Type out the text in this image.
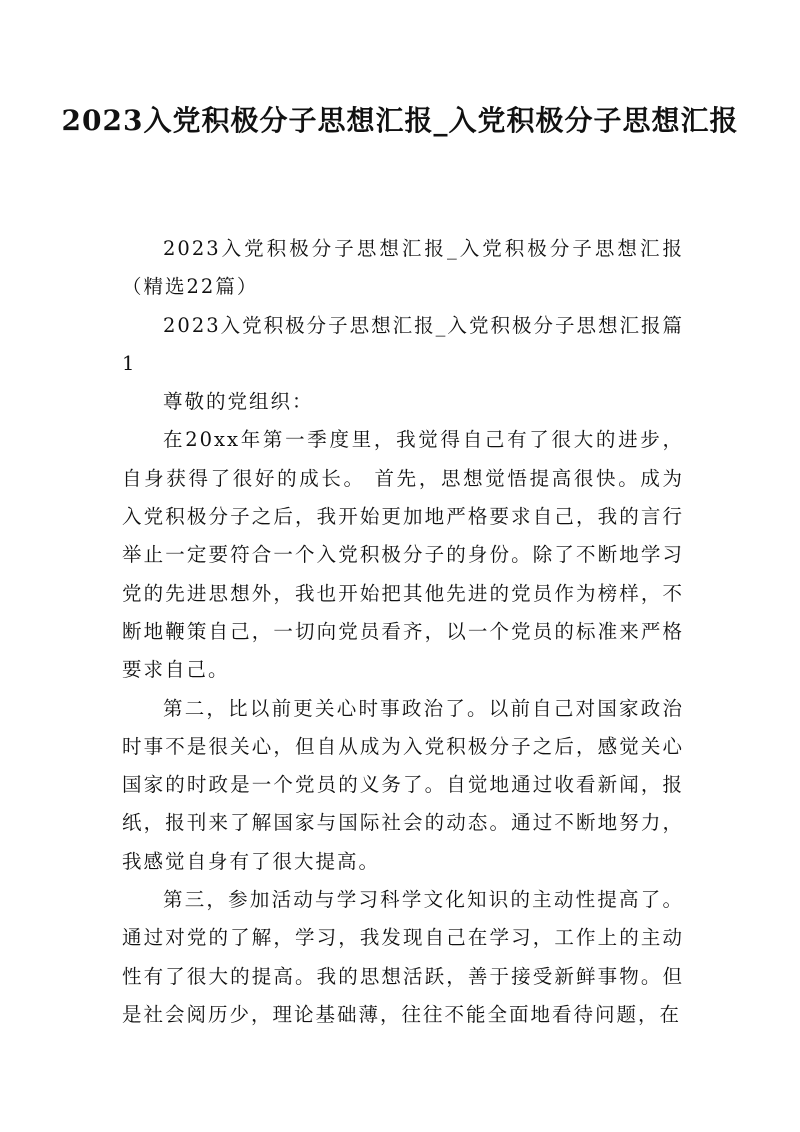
2023入党积极分子思想汇报_入党积极分子思想汇报

2023入党积极分子思想汇报_入党积极分子思想汇报（精选22篇）

2023入党积极分子思想汇报_入党积极分子思想汇报篇1

尊敬的党组织：

在20xx年第一季度里，我觉得自己有了很大的进步，自身获得了很好的成长。 首先，思想觉悟提高很快。成为入党积极分子之后，我开始更加地严格要求自己，我的言行举止一定要符合一个入党积极分子的身份。除了不断地学习党的先进思想外，我也开始把其他先进的党员作为榜样，不断地鞭策自己，一切向党员看齐，以一个党员的标准来严格要求自己。

第二，比以前更关心时事政治了。以前自己对国家政治时事不是很关心，但自从成为入党积极分子之后，感觉关心国家的时政是一个党员的义务了。自觉地通过收看新闻，报纸，报刊来了解国家与国际社会的动态。通过不断地努力，我感觉自身有了很大提高。

第三，参加活动与学习科学文化知识的主动性提高了。通过对党的了解，学习，我发现自己在学习，工作上的主动性有了很大的提高。我的思想活跃，善于接受新鲜事物。但是社会阅历少，理论基础薄，往往不能全面地看待问题，在
